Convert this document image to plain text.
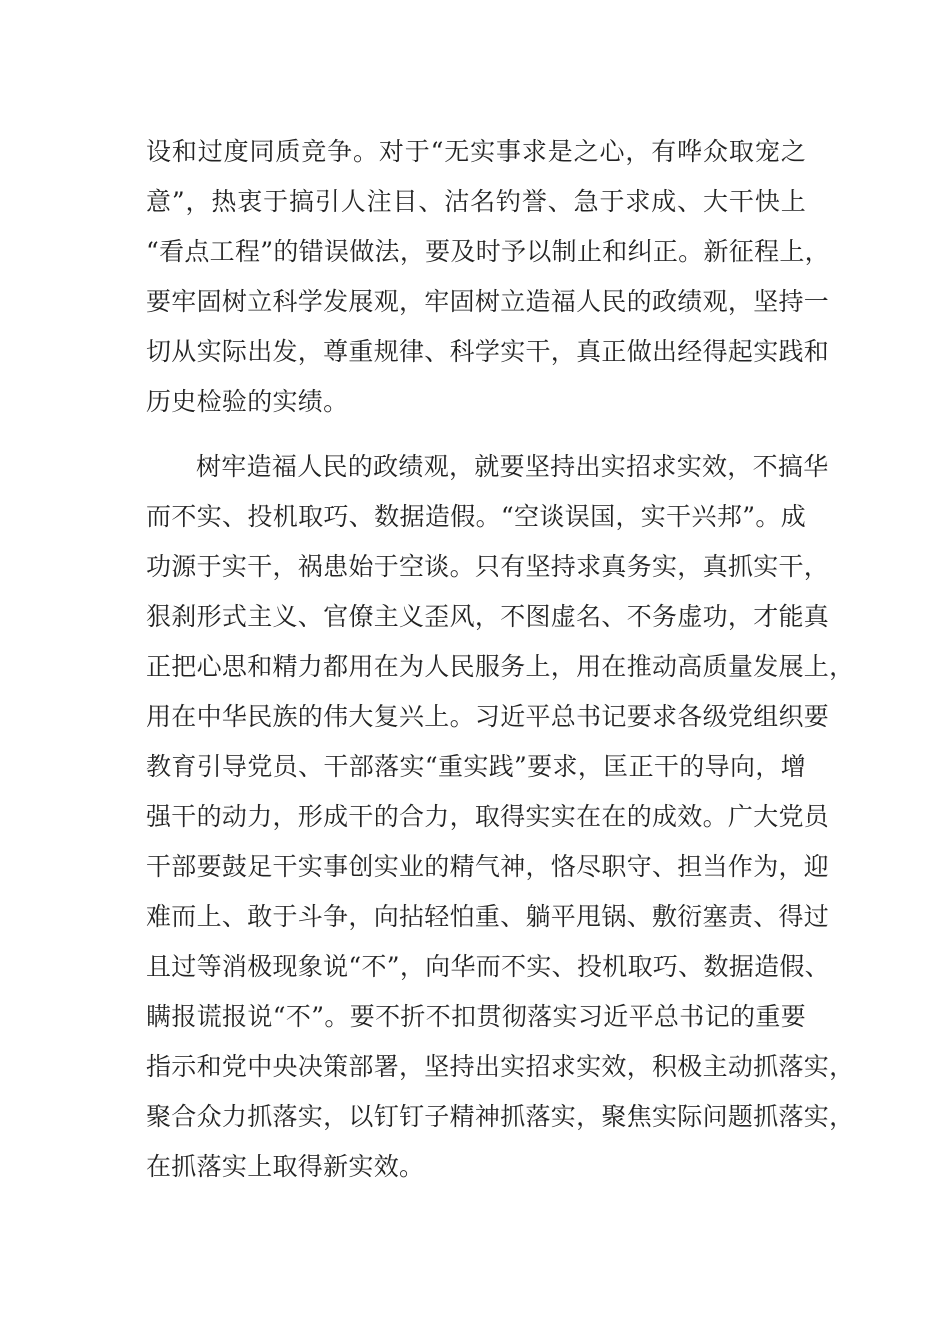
设和过度同质竞争。对于“无实事求是之心，有哗众取宠之
意”，热衷于搞引人注目、沽名钓誉、急于求成、大干快上
“看点工程”的错误做法，要及时予以制止和纠正。新征程上，
要牢固树立科学发展观，牢固树立造福人民的政绩观，坚持一
切从实际出发，尊重规律、科学实干，真正做出经得起实践和
历史检验的实绩。
树牢造福人民的政绩观，就要坚持出实招求实效，不搞华
而不实、投机取巧、数据造假。“空谈误国，实干兴邦”。成
功源于实干，祸患始于空谈。只有坚持求真务实，真抓实干，
狠刹形式主义、官僚主义歪风，不图虚名、不务虚功，才能真
正把心思和精力都用在为人民服务上，用在推动高质量发展上，
用在中华民族的伟大复兴上。习近平总书记要求各级党组织要
教育引导党员、干部落实“重实践”要求，匡正干的导向，增
强干的动力，形成干的合力，取得实实在在的成效。广大党员
干部要鼓足干实事创实业的精气神，恪尽职守、担当作为，迎
难而上、敢于斗争，向拈轻怕重、躺平甩锅、敷衍塞责、得过
且过等消极现象说“不”，向华而不实、投机取巧、数据造假、
瞒报谎报说“不”。要不折不扣贯彻落实习近平总书记的重要
指示和党中央决策部署，坚持出实招求实效，积极主动抓落实，
聚合众力抓落实，以钉钉子精神抓落实，聚焦实际问题抓落实，
在抓落实上取得新实效。
